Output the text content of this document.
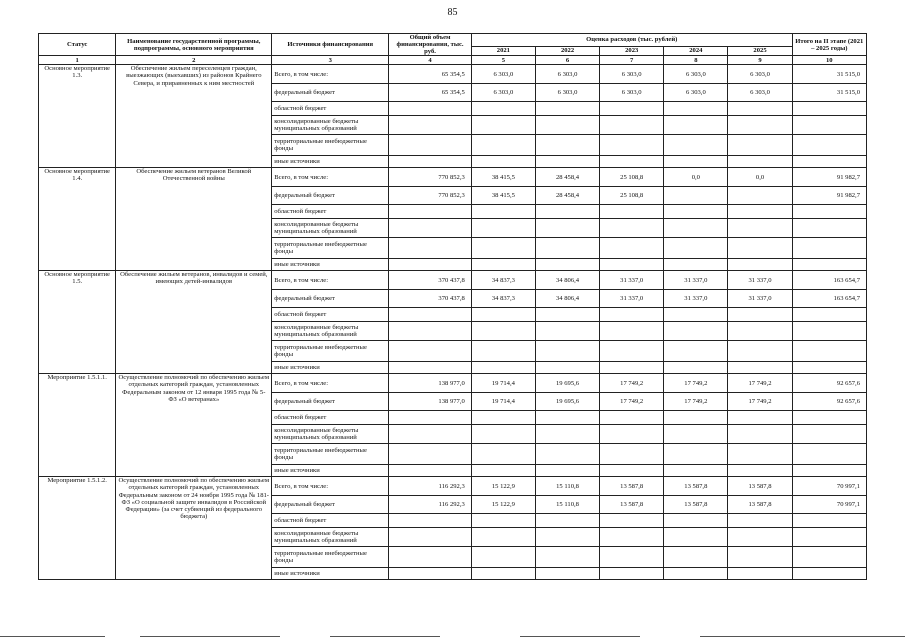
85
Статус	Наименование государственной программы, подпрограммы, основного мероприятия	Источники финансирования	Общий объем финансирования, тыс. руб.	Оценка расходов (тыс. рублей)					Итого на II этапе (2021 – 2025 годы)
				2021	2022	2023	2024	2025	
1	2	3	4	5	6	7	8	9	10
Основное мероприятие 1.3.	Обеспечение жильем переселенцев граждан, выезжающих (выехавших) из районов Крайнего Севера, и приравненных к ним местностей	Всего, в том числе:	65 354,5	6 303,0	6 303,0	6 303,0	6 303,0	6 303,0	31 515,0
		федеральный бюджет	65 354,5	6 303,0	6 303,0	6 303,0	6 303,0	6 303,0	31 515,0
		областной бюджет							
		консолидированные бюджеты муниципальных образований							
		территориальные внебюджетные фонды							
		иные источники							
Основное мероприятие 1.4.	Обеспечение жильем ветеранов Великой Отечественной войны	Всего, в том числе:	770 852,3	38 415,5	28 458,4	25 108,8	0,0	0,0	91 982,7
		федеральный бюджет	770 852,3	38 415,5	28 458,4	25 108,8			91 982,7
		областной бюджет							
		консолидированные бюджеты муниципальных образований							
		территориальные внебюджетные фонды							
		иные источники							
Основное мероприятие 1.5.	Обеспечение жильем ветеранов, инвалидов и семей, имеющих детей-инвалидов	Всего, в том числе:	370 437,8	34 837,3	34 806,4	31 337,0	31 337,0	31 337,0	163 654,7
		федеральный бюджет	370 437,8	34 837,3	34 806,4	31 337,0	31 337,0	31 337,0	163 654,7
		областной бюджет							
		консолидированные бюджеты муниципальных образований							
		территориальные внебюджетные фонды							
		иные источники							
Мероприятие 1.5.1.1.	Осуществление полномочий по обеспечению жильем отдельных категорий граждан, установленных Федеральным законом от 12 января 1995 года № 5-ФЗ «О ветеранах»	Всего, в том числе:	138 977,0	19 714,4	19 695,6	17 749,2	17 749,2	17 749,2	92 657,6
		федеральный бюджет	138 977,0	19 714,4	19 695,6	17 749,2	17 749,2	17 749,2	92 657,6
		областной бюджет							
		консолидированные бюджеты муниципальных образований							
		территориальные внебюджетные фонды							
		иные источники							
Мероприятие 1.5.1.2.	Осуществление полномочий по обеспечению жильем отдельных категорий граждан, установленных Федеральным законом от 24 ноября 1995 года № 181-ФЗ «О социальной защите инвалидов в Российской Федерации» (за счет субвенций из федерального бюджета)	Всего, в том числе:	116 292,3	15 122,9	15 110,8	13 587,8	13 587,8	13 587,8	70 997,1
		федеральный бюджет	116 292,3	15 122,9	15 110,8	13 587,8	13 587,8	13 587,8	70 997,1
		областной бюджет							
		консолидированные бюджеты муниципальных образований							
		территориальные внебюджетные фонды							
		иные источники							
